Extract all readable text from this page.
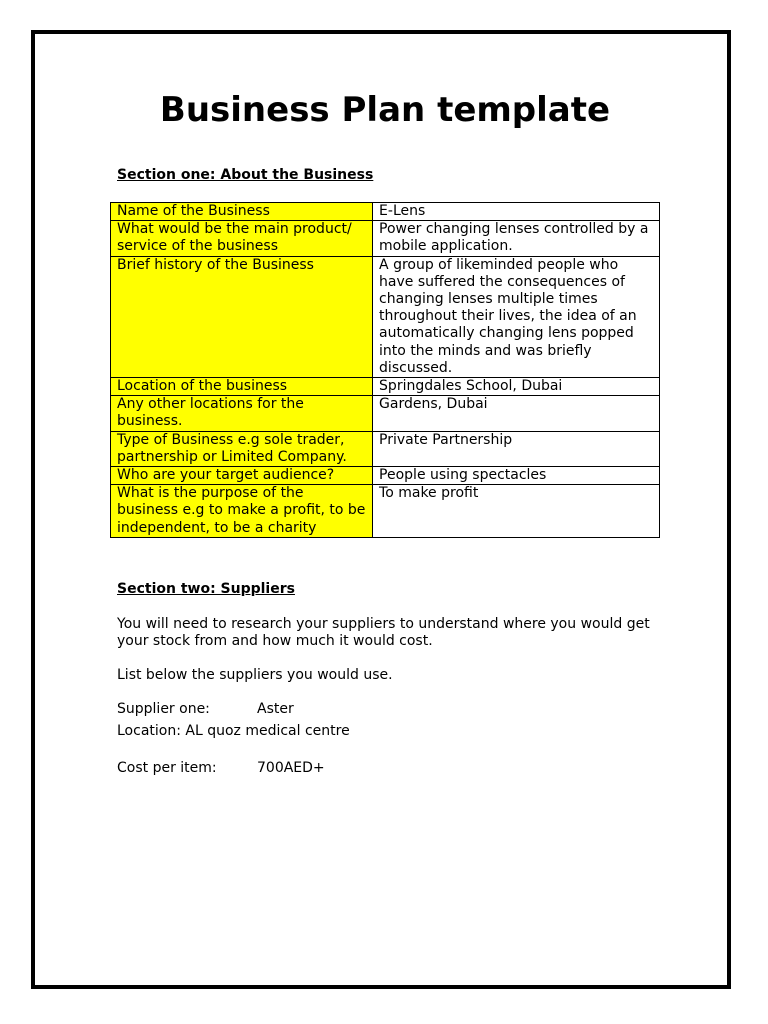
Business Plan template

Section one: About the Business

Name of the Business	E-Lens
What would be the main product/ service of the business	Power changing lenses controlled by a mobile application.
Brief history of the Business	A group of likeminded people who have suffered the consequences of changing lenses multiple times throughout their lives, the idea of an automatically changing lens popped into the minds and was briefly discussed.
Location of the business	Springdales School, Dubai
Any other locations for the business.	Gardens, Dubai
Type of Business e.g sole trader, partnership or Limited Company.	Private Partnership
Who are your target audience?	People using spectacles
What is the purpose of the business e.g to make a profit, to be independent, to be a charity	To make profit

Section two: Suppliers

You will need to research your suppliers to understand where you would get your stock from and how much it would cost.

List below the suppliers you would use.

Supplier one:	Aster
Location: AL quoz medical centre
Cost per item:	700AED+
